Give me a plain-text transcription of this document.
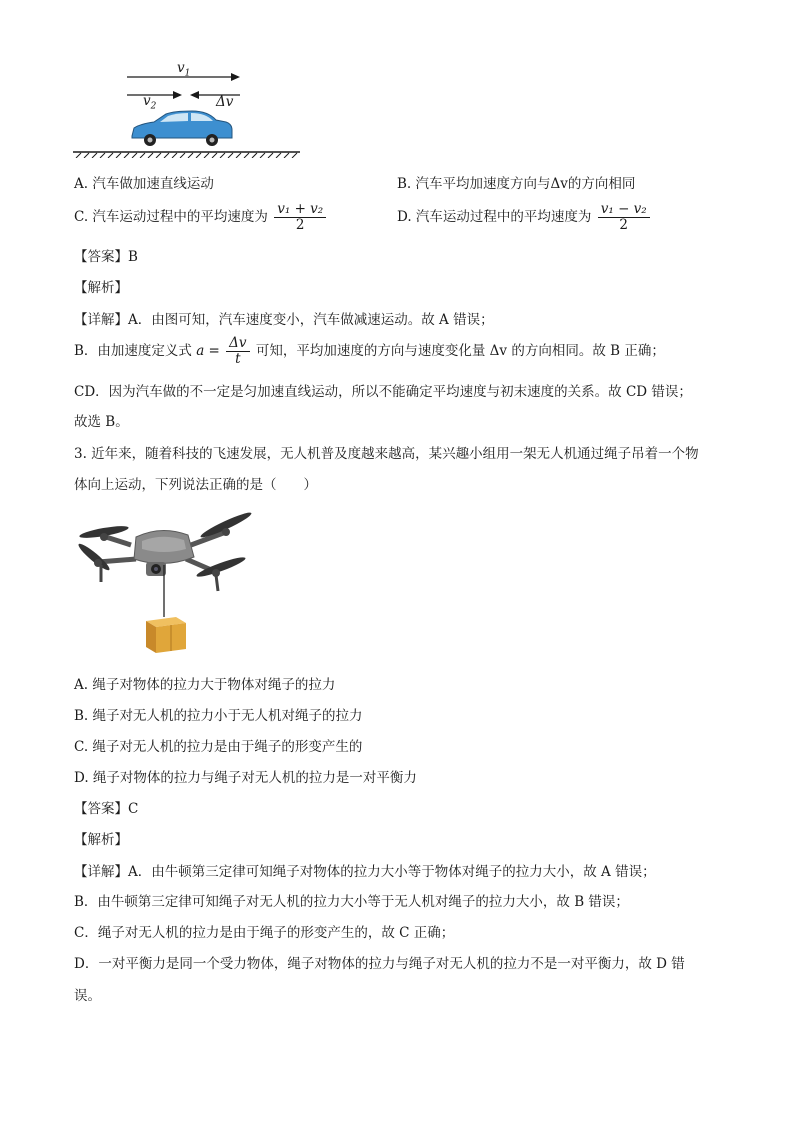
$v_1$
$v_2$	Δv
A. 汽车做加速直线运动	B. 汽车平均加速度方向与Δv的方向相同
C. 汽车运动过程中的平均速度为 $\frac{\text{v₁ + v₂}}{2}$	D. 汽车运动过程中的平均速度为 $\frac{\text{v₁ − v₂}}{2}$
【答案】B
【解析】
【详解】A．由图可知，汽车速度变小，汽车做减速运动。故 A 错误；
B．由加速度定义式 $a = \frac{\Delta v}{t}$ 可知，平均加速度的方向与速度变化量 Δv 的方向相同。故 B 正确；
CD．因为汽车做的不一定是匀加速直线运动，所以不能确定平均速度与初末速度的关系。故 CD 错误；
故选 B。
3. 近年来，随着科技的飞速发展，无人机普及度越来越高，某兴趣小组用一架无人机通过绳子吊着一个物
体向上运动，下列说法正确的是（　　）
A. 绳子对物体的拉力大于物体对绳子的拉力
B. 绳子对无人机的拉力小于无人机对绳子的拉力
C. 绳子对无人机的拉力是由于绳子的形变产生的
D. 绳子对物体的拉力与绳子对无人机的拉力是一对平衡力
【答案】C
【解析】
【详解】A．由牛顿第三定律可知绳子对物体的拉力大小等于物体对绳子的拉力大小，故 A 错误；
B．由牛顿第三定律可知绳子对无人机的拉力大小等于无人机对绳子的拉力大小，故 B 错误；
C．绳子对无人机的拉力是由于绳子的形变产生的，故 C 正确；
D．一对平衡力是同一个受力物体，绳子对物体的拉力与绳子对无人机的拉力不是一对平衡力，故 D 错
误。
